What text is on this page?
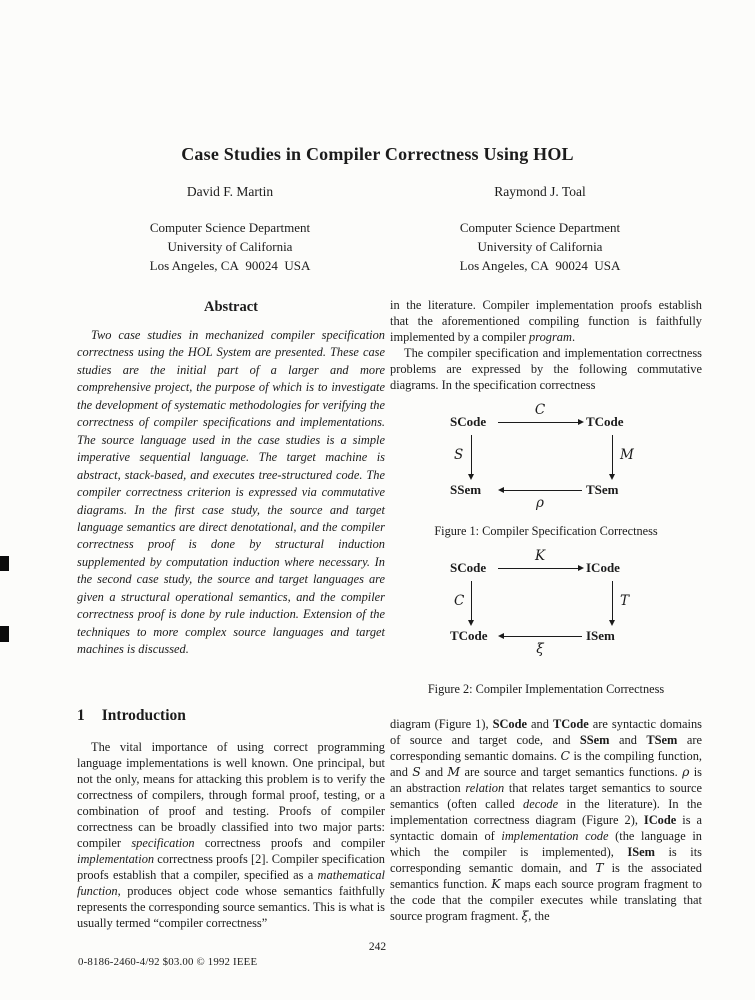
Case Studies in Compiler Correctness Using HOL
David F. Martin	Raymond J. Toal
Computer Science Department
University of California
Los Angeles, CA  90024  USA
Computer Science Department
University of California
Los Angeles, CA  90024  USA
Abstract
Two case studies in mechanized compiler specification correctness using the HOL System are presented. These case studies are the initial part of a larger and more comprehensive project, the purpose of which is to investigate the development of systematic methodologies for verifying the correctness of compiler specifications and implementations. The source language used in the case studies is a simple imperative sequential language. The target machine is abstract, stack-based, and executes tree-structured code. The compiler correctness criterion is expressed via commutative diagrams. In the first case study, the source and target language semantics are direct denotational, and the compiler correctness proof is done by structural induction supplemented by computation induction where necessary. In the second case study, the source and target languages are given a structural operational semantics, and the compiler correctness proof is done by rule induction. Extension of the techniques to more complex source languages and target machines is discussed.
1 Introduction

The vital importance of using correct programming language implementations is well known. One principal, but not the only, means for attacking this problem is to verify the correctness of compilers, through formal proof, testing, or a combination of proof and testing. Proofs of compiler correctness can be broadly classified into two major parts: compiler specification correctness proofs and compiler implementation correctness proofs [2]. Compiler specification proofs establish that a compiler, specified as a mathematical function, produces object code whose semantics faithfully represents the corresponding source semantics. This is what is usually termed “compiler correctness”

in the literature. Compiler implementation proofs establish that the aforementioned compiling function is faithfully implemented by a compiler program.

The compiler specification and implementation correctness problems are expressed by the following commutative diagrams. In the specification correctness

SCode	TCode
SSem	TSem
C
S	M
ρ
Figure 1: Compiler Specification Correctness
SCode	ICode
TCode	ISem
K
C	T
ξ
Figure 2: Compiler Implementation Correctness

diagram (Figure 1), SCode and TCode are syntactic domains of source and target code, and SSem and TSem are corresponding semantic domains. C is the compiling function, and S and M are source and target semantics functions. ρ is an abstraction relation that relates target semantics to source semantics (often called decode in the literature). In the implementation correctness diagram (Figure 2), ICode is a syntactic domain of implementation code (the language in which the compiler is implemented), ISem is its corresponding semantic domain, and T is the associated semantics function. K maps each source program fragment to the code that the compiler executes while translating that source program fragment. ξ, the

242
0-8186-2460-4/92 $03.00 © 1992 IEEE
